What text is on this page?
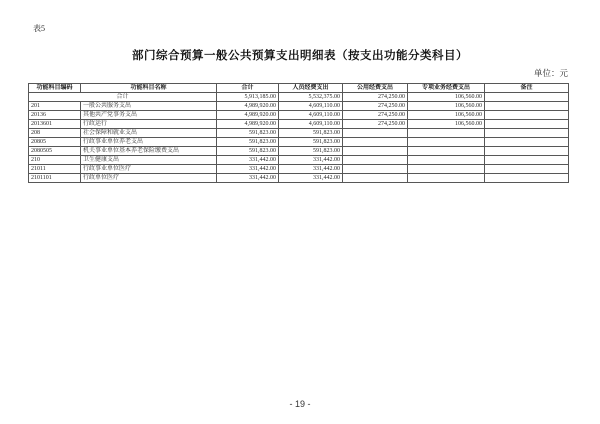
表5
部门综合预算一般公共预算支出明细表（按支出功能分类科目）
单位：元
功能科目编码	功能科目名称	合计	人员经费支出	公用经费支出	专项业务经费支出	备注
合计		5,913,185.00	5,532,375.00	274,250.00	106,560.00	
201	一般公共服务支出	4,989,920.00	4,609,110.00	274,250.00	106,560.00	
20136	其他共产党事务支出	4,989,920.00	4,609,110.00	274,250.00	106,560.00	
2013601	行政运行	4,989,920.00	4,609,110.00	274,250.00	106,560.00	
208	社会保障和就业支出	591,823.00	591,823.00			
20805	行政事业单位养老支出	591,823.00	591,823.00			
2080505	机关事业单位基本养老保险缴费支出	591,823.00	591,823.00			
210	卫生健康支出	331,442.00	331,442.00			
21011	行政事业单位医疗	331,442.00	331,442.00			
2101101	行政单位医疗	331,442.00	331,442.00			
- 19 -
